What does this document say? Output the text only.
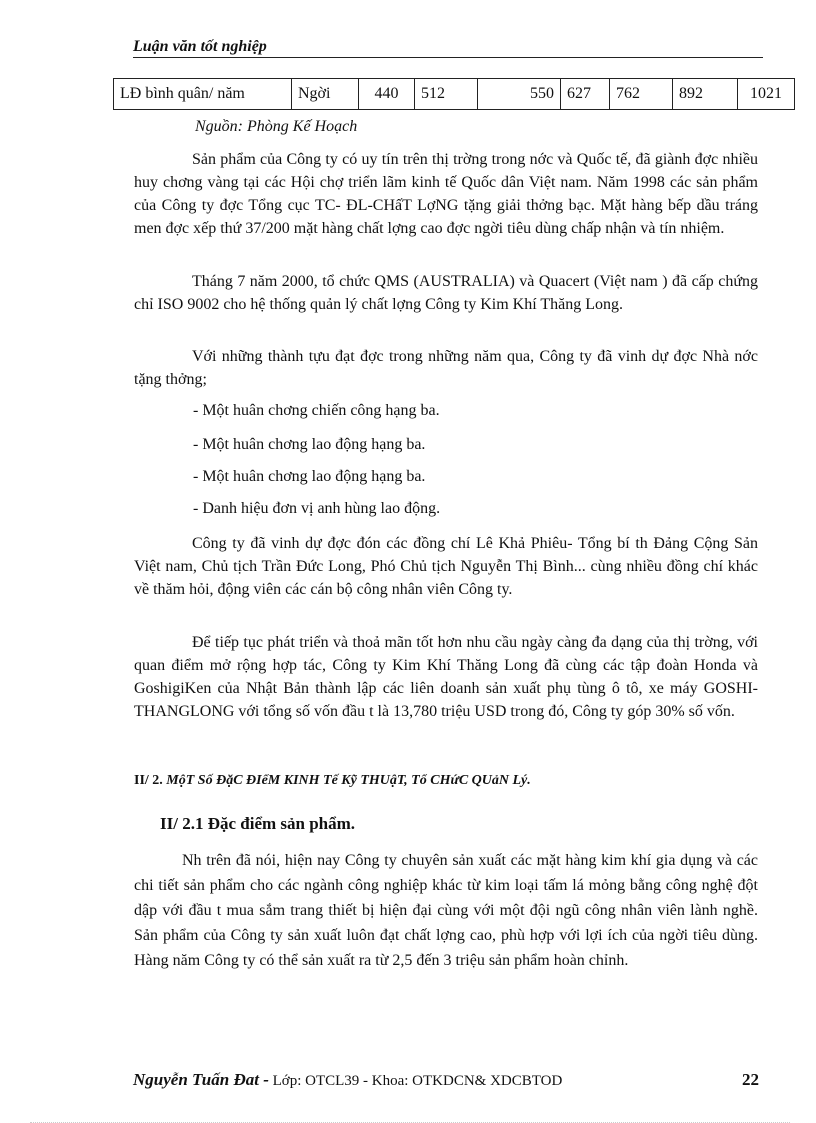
Luận văn tốt nghiệp
LĐ bình quân/ năm	Ngời	440	512	550	627	762	892	1021
Nguồn: Phòng Kế Hoạch

Sản phẩm của Công ty có uy tín trên thị trờng trong nớc và Quốc tế, đã giành đợc nhiều huy chơng vàng tại các Hội chợ triển lãm kinh tế Quốc dân Việt nam. Năm 1998 các sản phẩm của Công ty đợc Tổng cục TC- ĐL-CHấT LợNG tặng giải thởng bạc. Mặt hàng bếp dầu tráng men đợc xếp thứ 37/200 mặt hàng chất lợng cao đợc ngời tiêu dùng chấp nhận và tín nhiệm.

Tháng 7 năm 2000, tổ chức QMS (AUSTRALIA) và Quacert (Việt nam ) đã cấp chứng chỉ ISO 9002 cho hệ thống quản lý chất lợng Công ty Kim Khí Thăng Long.

Với những thành tựu đạt đợc trong những năm qua, Công ty đã vinh dự đợc Nhà nớc tặng thởng;

- Một huân chơng chiến công hạng ba.

- Một huân chơng lao động hạng ba.

- Một huân chơng lao động hạng ba.

- Danh hiệu đơn vị anh hùng lao động.

Công ty đã vinh dự đợc đón các đồng chí Lê Khả Phiêu- Tổng bí th Đảng Cộng Sản Việt nam, Chủ tịch Trần Đức Long, Phó Chủ tịch Nguyễn Thị Bình... cùng nhiều đồng chí khác về thăm hỏi, động viên các cán bộ công nhân viên Công ty.

Để tiếp tục phát triển và thoả mãn tốt hơn nhu cầu ngày càng đa dạng của thị trờng, với quan điểm mở rộng hợp tác, Công ty Kim Khí Thăng Long đã cùng các tập đoàn Honda và GoshigiKen của Nhật Bản thành lập các liên doanh sản xuất phụ tùng ô tô, xe máy GOSHI- THANGLONG với tổng số vốn đầu t là 13,780 triệu USD trong đó, Công ty góp 30% số vốn.

II/ 2. MộT Số ĐặC ĐIểM KINH Tế Kỹ THUậT, Tổ CHứC QUảN Lý.

II/ 2.1 Đặc điểm sản phẩm.

Nh trên đã nói, hiện nay Công ty chuyên sản xuất các mặt hàng kim khí gia dụng và các chi tiết sản phẩm cho các ngành công nghiệp khác từ kim loại tấm lá mỏng bằng công nghệ đột dập với đầu t mua sắm trang thiết bị hiện đại cùng với một đội ngũ công nhân viên lành nghề. Sản phẩm của Công ty sản xuất luôn đạt chất lợng cao, phù hợp với lợi ích của ngời tiêu dùng. Hàng năm Công ty có thể sản xuất ra từ 2,5 đến 3 triệu sản phẩm hoàn chỉnh.

Nguyễn Tuấn Đat - Lớp: OTCL39 - Khoa: OTKDCN& XDCBTOD	22
